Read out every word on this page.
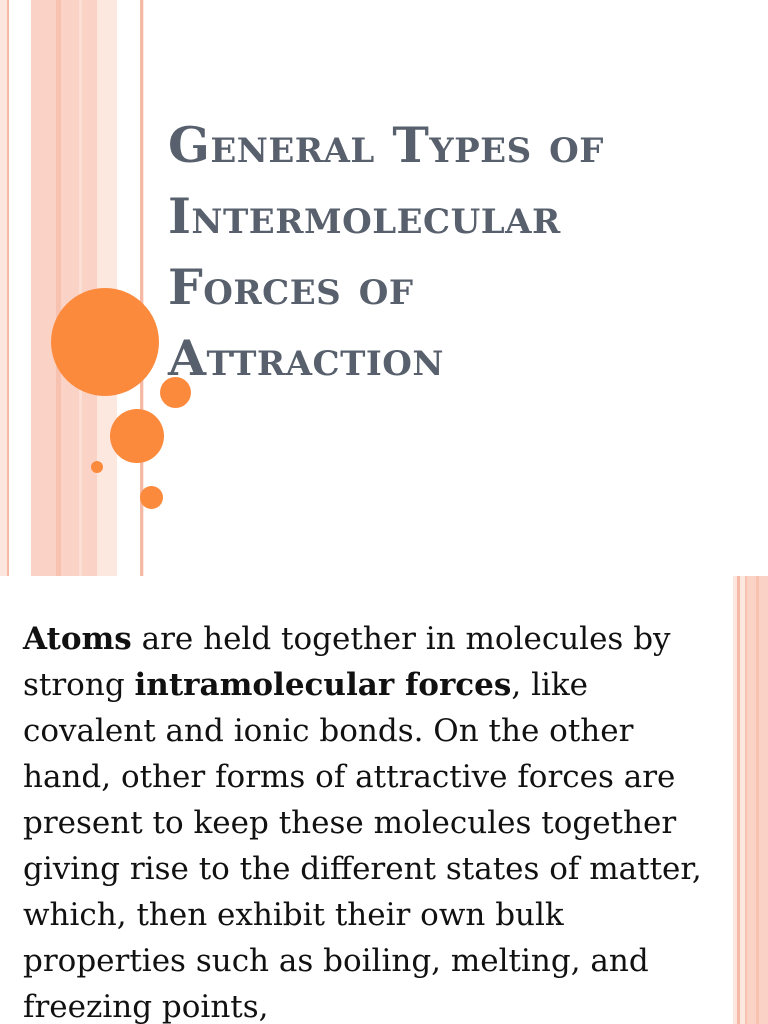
General Types of
Intermolecular
Forces of
Attraction

Atoms are held together in molecules by strong intramolecular forces, like covalent and ionic bonds. On the other hand, other forms of attractive forces are present to keep these molecules together giving rise to the different states of matter, which, then exhibit their own bulk properties such as boiling, melting, and freezing points,
